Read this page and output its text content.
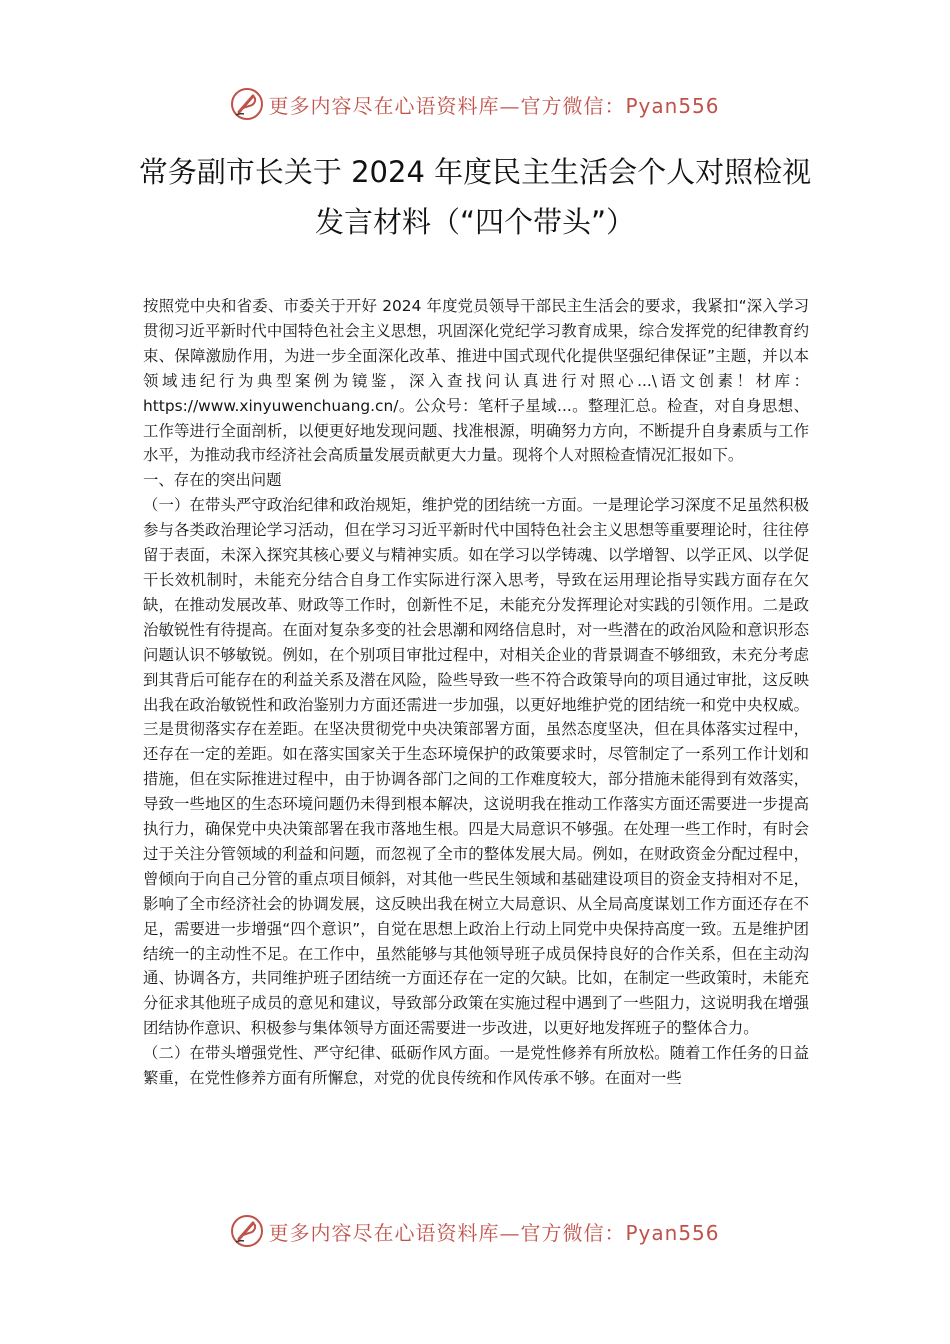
更多内容尽在心语资料库—官方微信：Pyan556
常务副市长关于 2024 年度民主生活会个人对照检视
发言材料（“四个带头”）

按照党中央和省委、市委关于开好 2024 年度党员领导干部民主生活会的要求，我紧扣“深入学习贯彻习近平新时代中国特色社会主义思想，巩固深化党纪学习教育成果，综合发挥党的纪律教育约束、保障激励作用，为进一步全面深化改革、推进中国式现代化提供坚强纪律保证”主题，并以本领域违纪行为典型案例为镜鉴，深入查找问认真进行对照心...\语文创素！材库：https://www.xinyuwenchuang.cn/。公众号：笔杆子星域...。整理汇总。检查，对自身思想、工作等进行全面剖析，以便更好地发现问题、找准根源，明确努力方向，不断提升自身素质与工作水平，为推动我市经济社会高质量发展贡献更大力量。现将个人对照检查情况汇报如下。

一、存在的突出问题

（一）在带头严守政治纪律和政治规矩，维护党的团结统一方面。一是理论学习深度不足虽然积极参与各类政治理论学习活动，但在学习习近平新时代中国特色社会主义思想等重要理论时，往往停留于表面，未深入探究其核心要义与精神实质。如在学习以学铸魂、以学增智、以学正风、以学促干长效机制时，未能充分结合自身工作实际进行深入思考，导致在运用理论指导实践方面存在欠缺，在推动发展改革、财政等工作时，创新性不足，未能充分发挥理论对实践的引领作用。二是政治敏锐性有待提高。在面对复杂多变的社会思潮和网络信息时，对一些潜在的政治风险和意识形态问题认识不够敏锐。例如，在个别项目审批过程中，对相关企业的背景调查不够细致，未充分考虑到其背后可能存在的利益关系及潜在风险，险些导致一些不符合政策导向的项目通过审批，这反映出我在政治敏锐性和政治鉴别力方面还需进一步加强，以更好地维护党的团结统一和党中央权威。三是贯彻落实存在差距。在坚决贯彻党中央决策部署方面，虽然态度坚决，但在具体落实过程中，还存在一定的差距。如在落实国家关于生态环境保护的政策要求时，尽管制定了一系列工作计划和措施，但在实际推进过程中，由于协调各部门之间的工作难度较大，部分措施未能得到有效落实，导致一些地区的生态环境问题仍未得到根本解决，这说明我在推动工作落实方面还需要进一步提高执行力，确保党中央决策部署在我市落地生根。四是大局意识不够强。在处理一些工作时，有时会过于关注分管领域的利益和问题，而忽视了全市的整体发展大局。例如，在财政资金分配过程中，曾倾向于向自己分管的重点项目倾斜，对其他一些民生领域和基础建设项目的资金支持相对不足，影响了全市经济社会的协调发展，这反映出我在树立大局意识、从全局高度谋划工作方面还存在不足，需要进一步增强“四个意识”，自觉在思想上政治上行动上同党中央保持高度一致。五是维护团结统一的主动性不足。在工作中，虽然能够与其他领导班子成员保持良好的合作关系，但在主动沟通、协调各方，共同维护班子团结统一方面还存在一定的欠缺。比如，在制定一些政策时，未能充分征求其他班子成员的意见和建议，导致部分政策在实施过程中遇到了一些阻力，这说明我在增强团结协作意识、积极参与集体领导方面还需要进一步改进，以更好地发挥班子的整体合力。

（二）在带头增强党性、严守纪律、砥砺作风方面。一是党性修养有所放松。随着工作任务的日益繁重，在党性修养方面有所懈怠，对党的优良传统和作风传承不够。在面对一些

更多内容尽在心语资料库—官方微信：Pyan556
